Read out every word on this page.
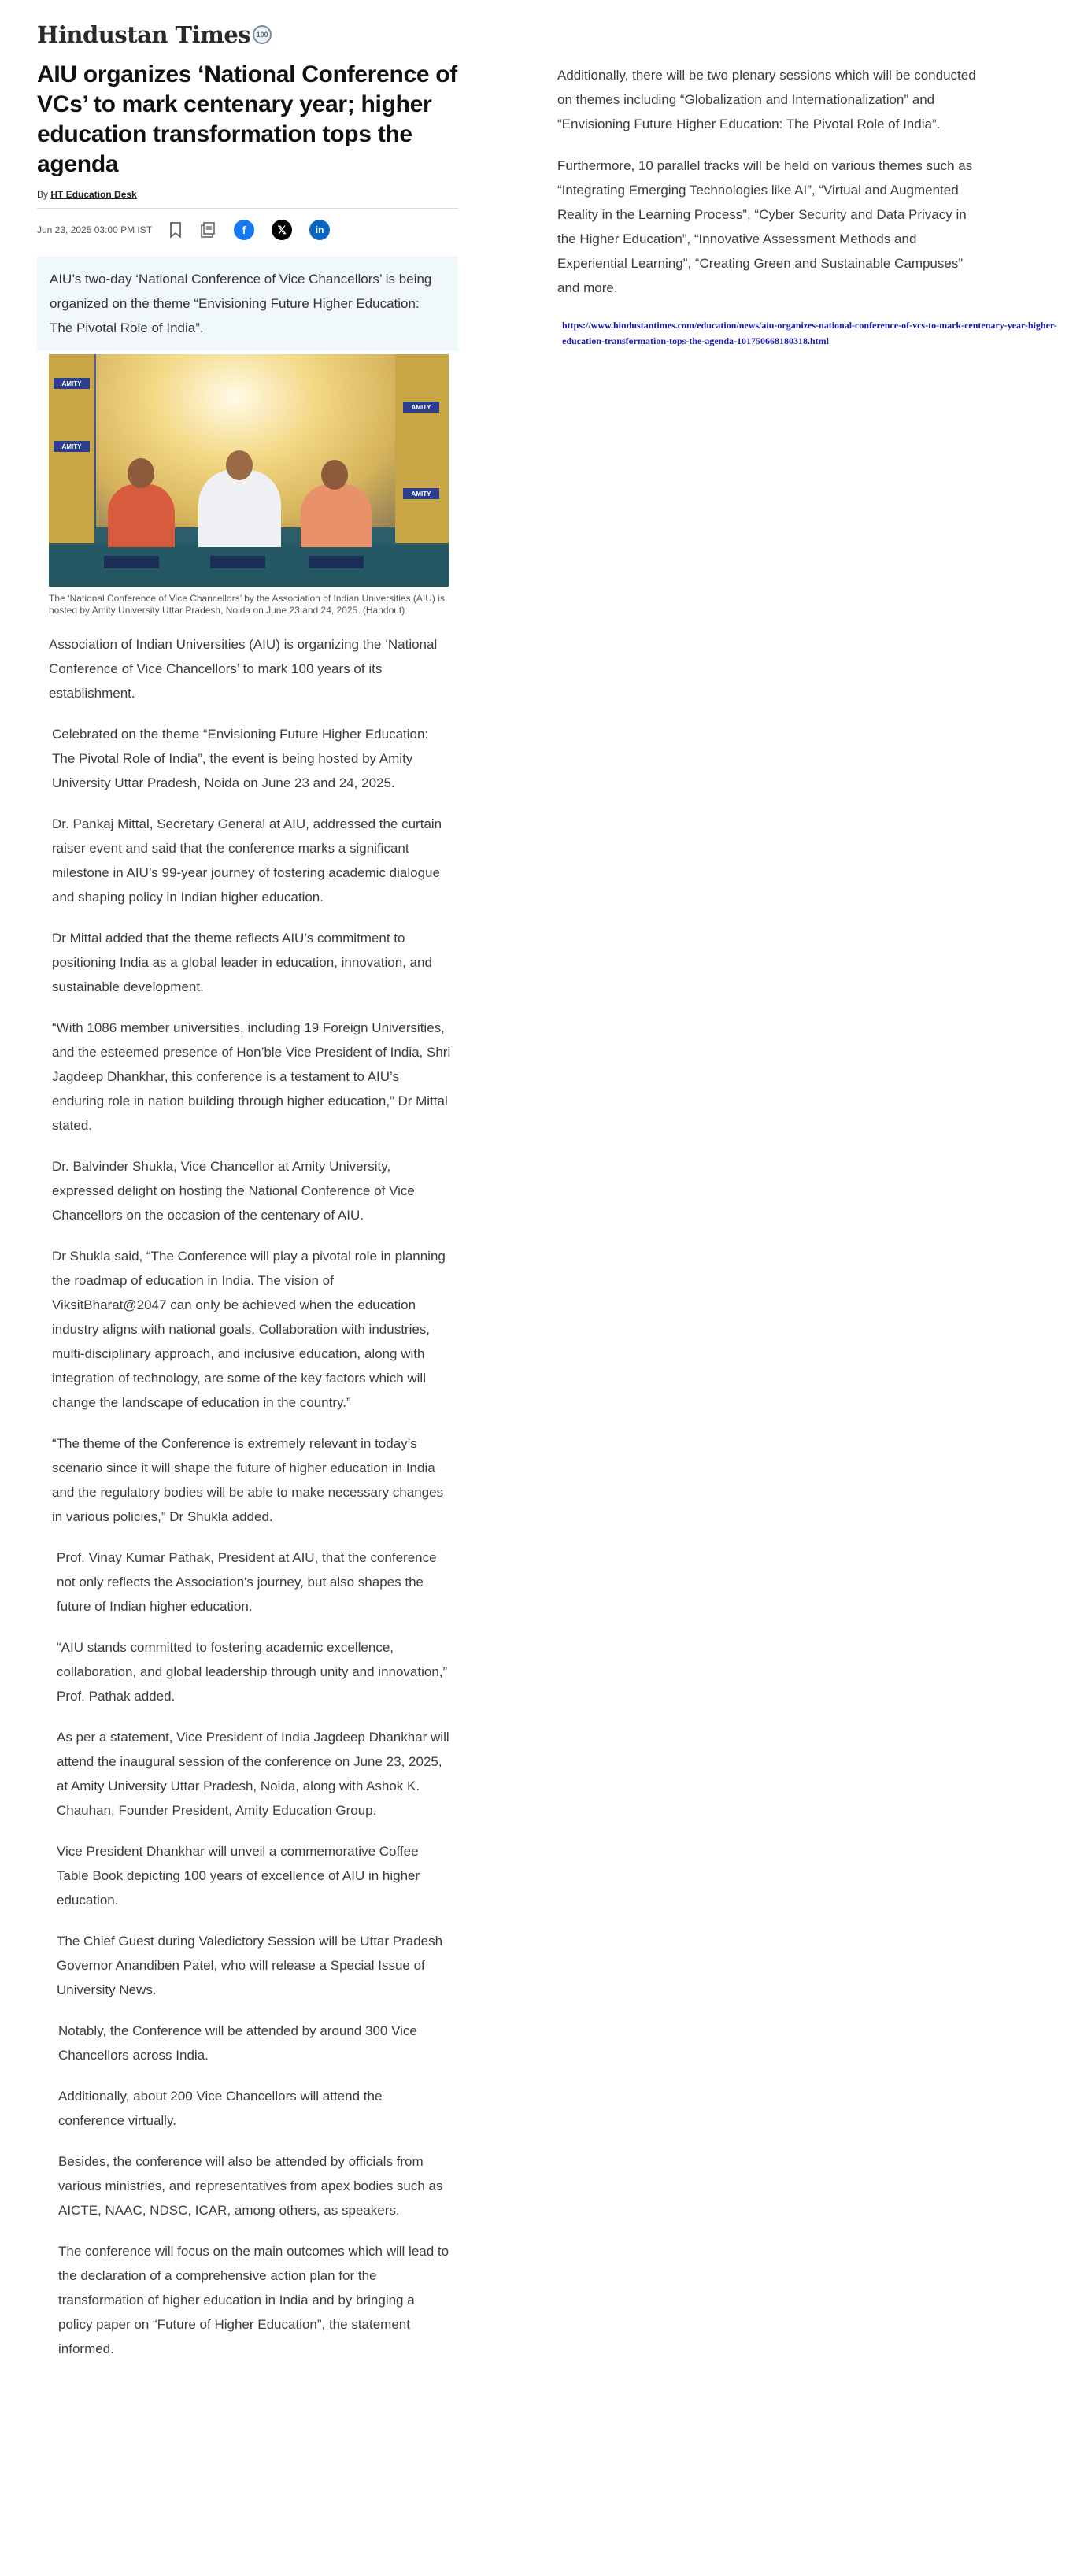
Hindustan Times 100
AIU organizes ‘National Conference of VCs’ to mark centenary year; higher education transformation tops the agenda
By HT Education Desk
Jun 23, 2025 03:00 PM IST	f	𝕏	in
AIU’s two-day ‘National Conference of Vice Chancellors’ is being organized on the theme “Envisioning Future Higher Education: The Pivotal Role of India”.
AMITY
AMITY
AMITY
AMITY
The ‘National Conference of Vice Chancellors’ by the Association of Indian Universities (AIU) is hosted by Amity University Uttar Pradesh, Noida on June 23 and 24, 2025. (Handout)

Association of Indian Universities (AIU) is organizing the ‘National Conference of Vice Chancellors’ to mark 100 years of its establishment.

Celebrated on the theme “Envisioning Future Higher Education: The Pivotal Role of India”, the event is being hosted by Amity University Uttar Pradesh, Noida on June 23 and 24, 2025.

Dr. Pankaj Mittal, Secretary General at AIU, addressed the curtain raiser event and said that the conference marks a significant milestone in AIU’s 99-year journey of fostering academic dialogue and shaping policy in Indian higher education.

Dr Mittal added that the theme reflects AIU’s commitment to positioning India as a global leader in education, innovation, and sustainable development.

“With 1086 member universities, including 19 Foreign Universities, and the esteemed presence of Hon’ble Vice President of India, Shri Jagdeep Dhankhar, this conference is a testament to AIU’s enduring role in nation building through higher education,” Dr Mittal stated.

Dr. Balvinder Shukla, Vice Chancellor at Amity University, expressed delight on hosting the National Conference of Vice Chancellors on the occasion of the centenary of AIU.

Dr Shukla said, “The Conference will play a pivotal role in planning the roadmap of education in India. The vision of ViksitBharat@2047 can only be achieved when the education industry aligns with national goals. Collaboration with industries, multi-disciplinary approach, and inclusive education, along with integration of technology, are some of the key factors which will change the landscape of education in the country.”

“The theme of the Conference is extremely relevant in today’s scenario since it will shape the future of higher education in India and the regulatory bodies will be able to make necessary changes in various policies,” Dr Shukla added.

Prof. Vinay Kumar Pathak, President at AIU, that the conference not only reflects the Association's journey, but also shapes the future of Indian higher education.

“AIU stands committed to fostering academic excellence, collaboration, and global leadership through unity and innovation,” Prof. Pathak added.

As per a statement, Vice President of India Jagdeep Dhankhar will attend the inaugural session of the conference on June 23, 2025, at Amity University Uttar Pradesh, Noida, along with Ashok K. Chauhan, Founder President, Amity Education Group.

Vice President Dhankhar will unveil a commemorative Coffee Table Book depicting 100 years of excellence of AIU in higher education.

The Chief Guest during Valedictory Session will be Uttar Pradesh Governor Anandiben Patel, who will release a Special Issue of University News.

Notably, the Conference will be attended by around 300 Vice Chancellors across India.

Additionally, about 200 Vice Chancellors will attend the conference virtually.

Besides, the conference will also be attended by officials from various ministries, and representatives from apex bodies such as AICTE, NAAC, NDSC, ICAR, among others, as speakers.

The conference will focus on the main outcomes which will lead to the declaration of a comprehensive action plan for the transformation of higher education in India and by bringing a policy paper on “Future of Higher Education”, the statement informed.

Additionally, there will be two plenary sessions which will be conducted on themes including “Globalization and Internationalization” and “Envisioning Future Higher Education: The Pivotal Role of India”.

Furthermore, 10 parallel tracks will be held on various themes such as “Integrating Emerging Technologies like AI”, “Virtual and Augmented Reality in the Learning Process”, “Cyber Security and Data Privacy in the Higher Education”, “Innovative Assessment Methods and Experiential Learning”, “Creating Green and Sustainable Campuses” and more.

https://www.hindustantimes.com/education/news/aiu-organizes-national-conference-of-vcs-to-mark-centenary-year-higher-education-transformation-tops-the-agenda-101750668180318.html
